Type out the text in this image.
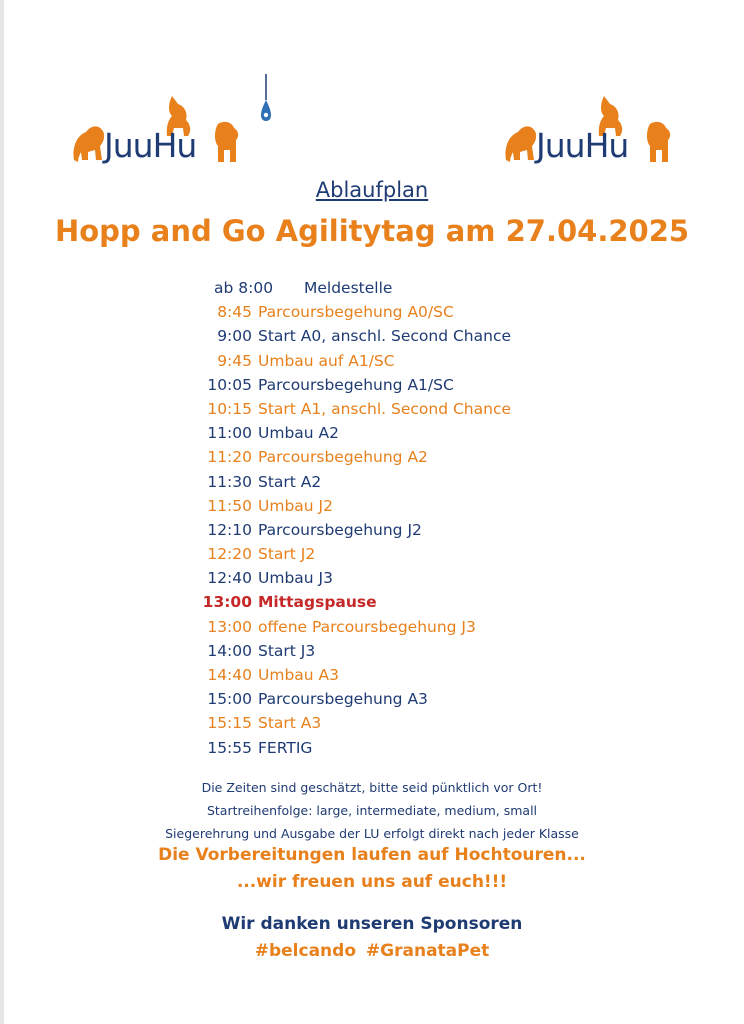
JuuHu	JuuHu
Ablaufplan
Hopp and Go Agilitytag am 27.04.2025
ab 8:00 Meldestelle
8:45 Parcoursbegehung A0/SC
9:00 Start A0, anschl. Second Chance
9:45 Umbau auf A1/SC
10:05 Parcoursbegehung A1/SC
10:15 Start A1, anschl. Second Chance
11:00 Umbau A2
11:20 Parcoursbegehung A2
11:30 Start A2
11:50 Umbau J2
12:10 Parcoursbegehung J2
12:20 Start J2
12:40 Umbau J3
13:00 Mittagspause
13:00 offene Parcoursbegehung J3
14:00 Start J3
14:40 Umbau A3
15:00 Parcoursbegehung A3
15:15 Start A3
15:55 FERTIG
Die Zeiten sind geschätzt, bitte seid pünktlich vor Ort!
Startreihenfolge: large, intermediate, medium, small
Siegerehrung und Ausgabe der LU erfolgt direkt nach jeder Klasse
Die Vorbereitungen laufen auf Hochtouren...
...wir freuen uns auf euch!!!
Wir danken unseren Sponsoren
#belcando #GranataPet
